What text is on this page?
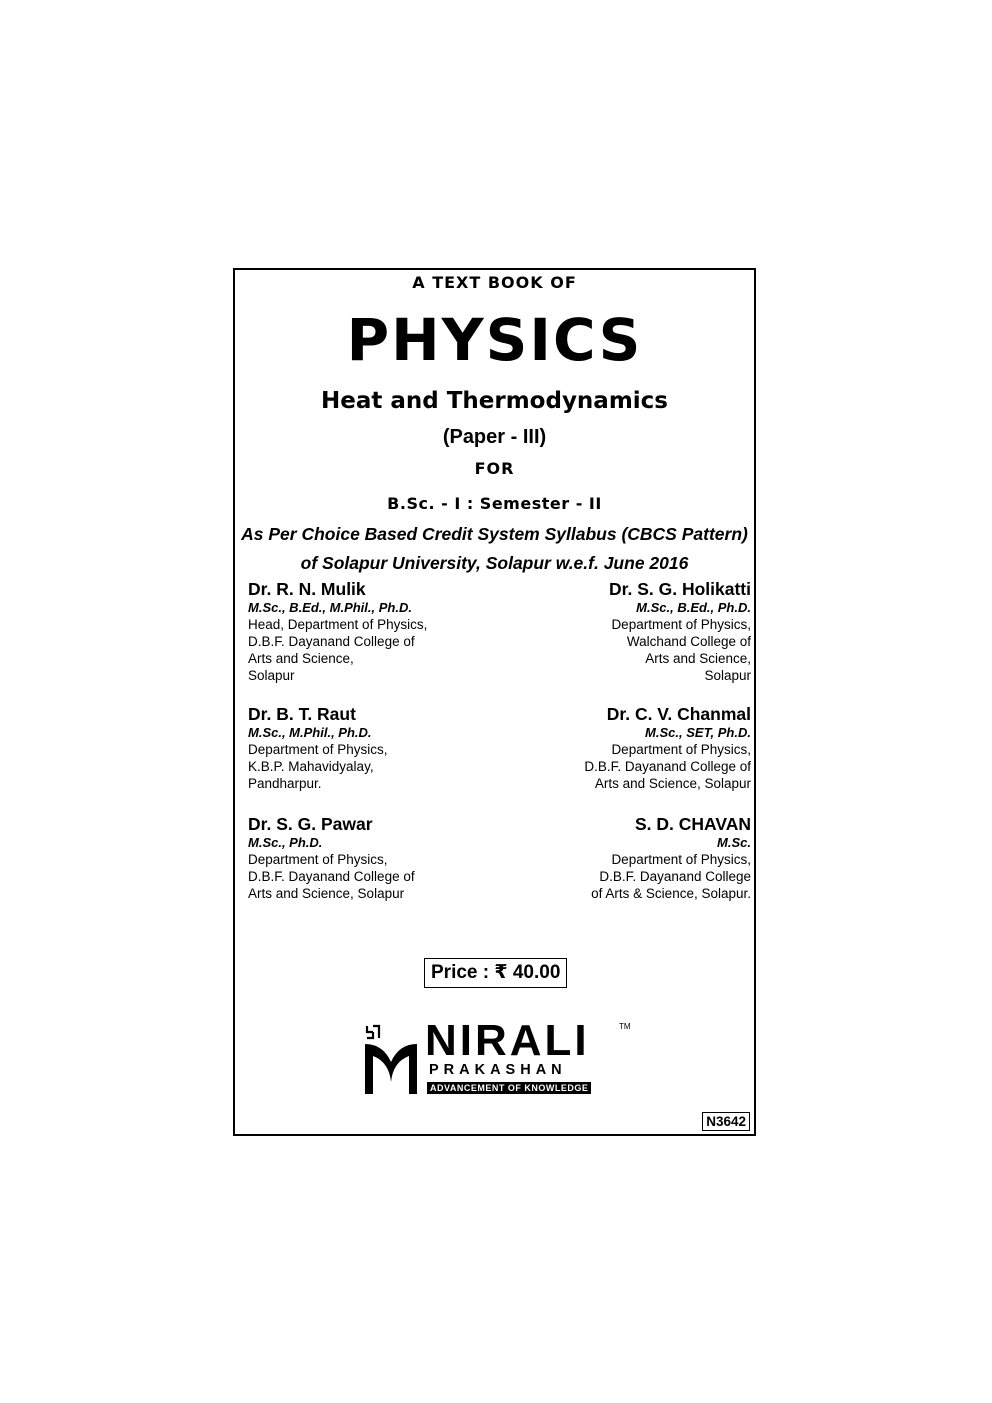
A TEXT BOOK OF
PHYSICS
Heat and Thermodynamics
(Paper - III)
FOR
B.Sc. - I : Semester - II
As Per Choice Based Credit System Syllabus (CBCS Pattern)
of Solapur University, Solapur w.e.f. June 2016
Dr. R. N. Mulik
M.Sc., B.Ed., M.Phil., Ph.D.
Head, Department of Physics,
D.B.F. Dayanand College of
Arts and Science,
Solapur
Dr. S. G. Holikatti
M.Sc., B.Ed., Ph.D.
Department of Physics,
Walchand College of
Arts and Science,
Solapur
Dr. B. T. Raut
M.Sc., M.Phil., Ph.D.
Department of Physics,
K.B.P. Mahavidyalay,
Pandharpur.
Dr. C. V. Chanmal
M.Sc., SET, Ph.D.
Department of Physics,
D.B.F. Dayanand College of
Arts and Science, Solapur
Dr. S. G. Pawar
M.Sc., Ph.D.
Department of Physics,
D.B.F. Dayanand College of
Arts and Science, Solapur
S. D. CHAVAN
M.Sc.
Department of Physics,
D.B.F. Dayanand College
of Arts & Science, Solapur.
Price : ₹ 40.00
NIRALI	TM
PRAKASHAN
ADVANCEMENT OF KNOWLEDGE
N3642
